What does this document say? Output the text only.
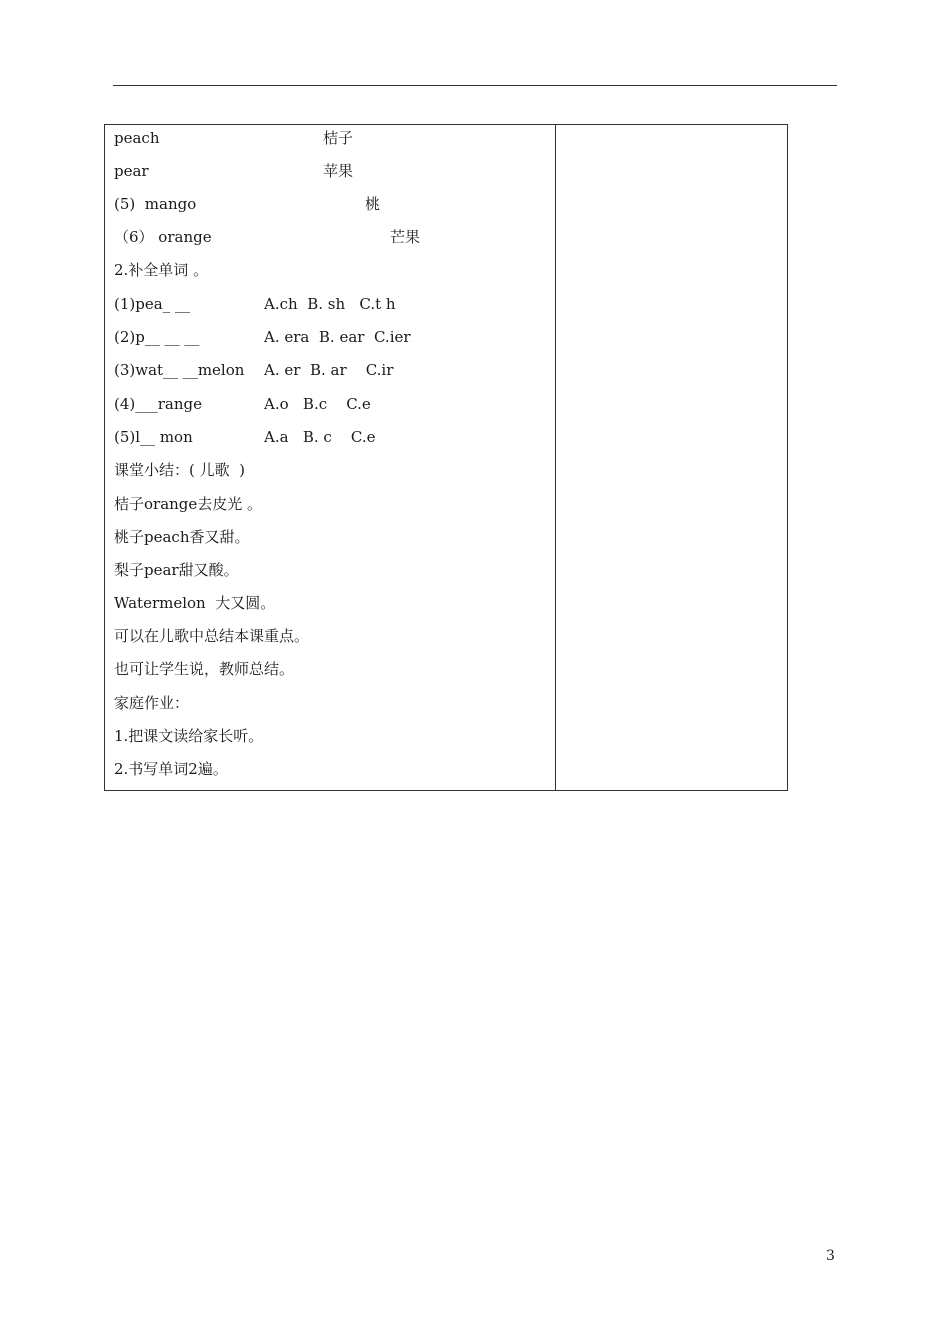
peach	桔子
pear	苹果
(5)  mango	桃
（6） orange	芒果
2.补全单词 。
(1)pea_ __	A.ch  B. sh   C.t h
(2)p__ __ __	A. era  B. ear  C.ier
(3)wat__ __melon A. er  B. ar    C.ir
(4)___range	A.o   B.c    C.e
(5)l__ mon	A.a   B. c    C.e
课堂小结：( 儿歌  )
桔子orange去皮光 。
桃子peach香又甜。
梨子pear甜又酸。
Watermelon  大又圆。
可以在儿歌中总结本课重点。
也可让学生说，教师总结。
家庭作业：
1.把课文读给家长听。
2.书写单词2遍。
3
